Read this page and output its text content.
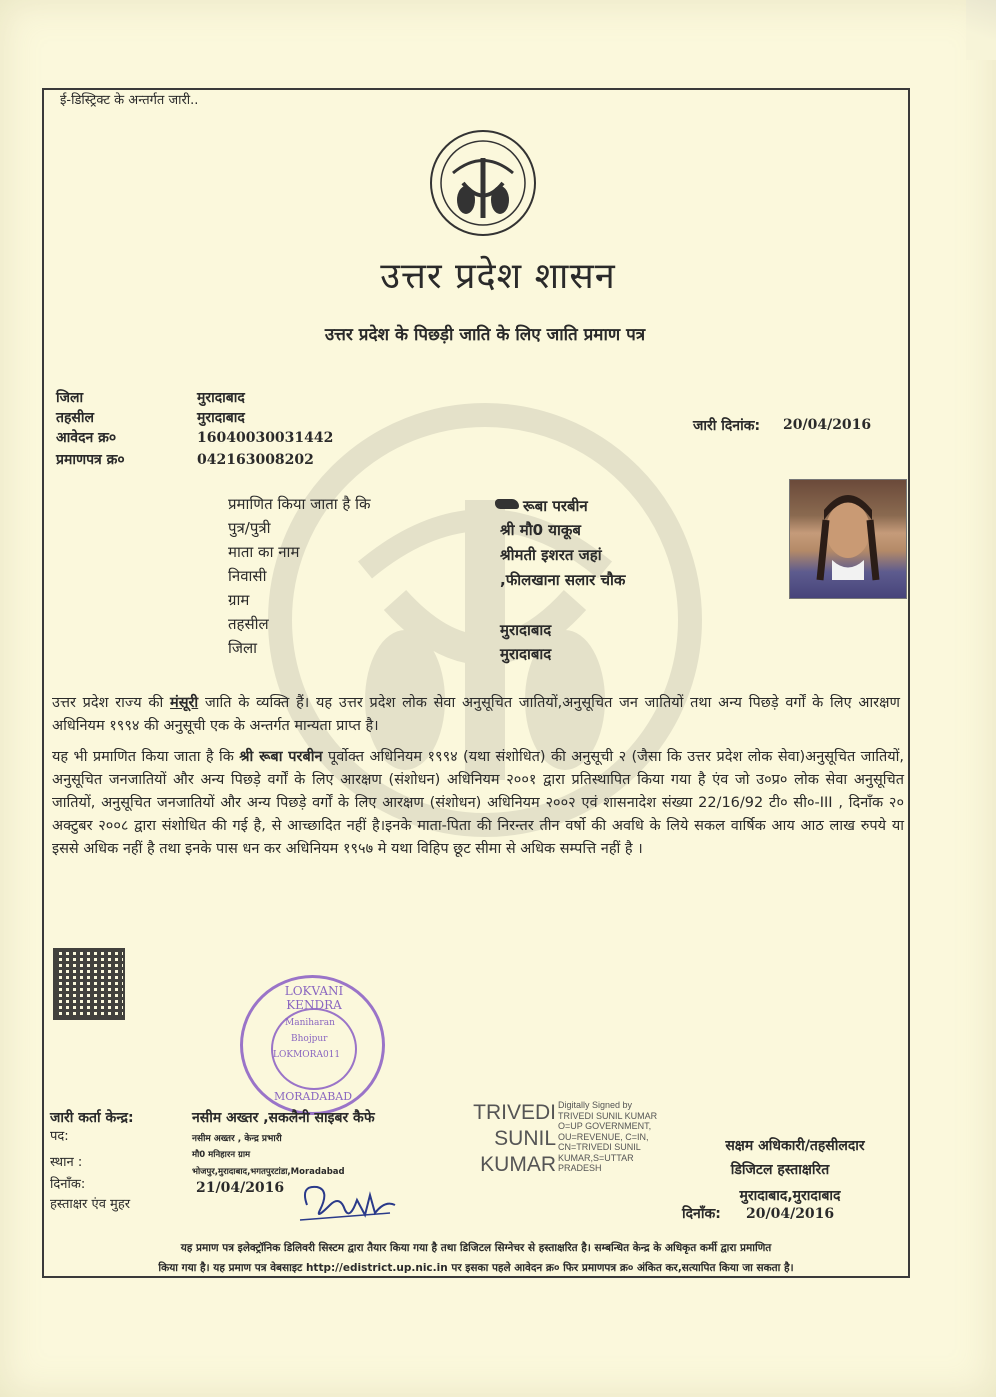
ई-डिस्ट्रिक्ट के अन्तर्गत जारी..
उत्तर प्रदेश शासन
उत्तर प्रदेश के पिछड़ी जाति के लिए जाति प्रमाण पत्र
जिला	मुरादाबाद
तहसील	मुरादाबाद
आवेदन क्र०	16040030031442
प्रमाणपत्र क्र०	042163008202
जारी दिनांक: 20/04/2016
प्रमाणित किया जाता है कि	रूबा परबीन
पुत्र/पुत्री	श्री मौ0 याकूब
माता का नाम	श्रीमती इशरत जहां
निवासी	,फीलखाना सलार चौक
ग्राम
तहसील	मुरादाबाद
जिला	मुरादाबाद
उत्तर प्रदेश राज्य की मंसूरी जाति के व्यक्ति हैं। यह उत्तर प्रदेश लोक सेवा अनुसूचित जातियों,अनुसूचित जन जातियों तथा अन्य पिछड़े वर्गों के लिए आरक्षण अधिनियम १९९४ की अनुसूची एक के अन्तर्गत मान्यता प्राप्त है।
यह भी प्रमाणित किया जाता है कि श्री रूबा परबीन पूर्वोक्त अधिनियम १९९४ (यथा संशोधित) की अनुसूची २ (जैसा कि उत्तर प्रदेश लोक सेवा)अनुसूचित जातियों, अनुसूचित जनजातियों और अन्य पिछड़े वर्गों के लिए आरक्षण (संशोधन) अधिनियम २००१ द्वारा प्रतिस्थापित किया गया है एंव जो उ०प्र० लोक सेवा अनुसूचित जातियों, अनुसूचित जनजातियों और अन्य पिछड़े वर्गों के लिए आरक्षण (संशोधन) अधिनियम २००२ एवं शासनादेश संख्या 22/16/92 टी० सी०-III , दिनाँक २० अक्टुबर २००८ द्वारा संशोधित की गई है, से आच्छादित नहीं है।इनके माता-पिता की निरन्तर तीन वर्षो की अवधि के लिये सकल वार्षिक आय आठ लाख रुपये या इससे अधिक नहीं है तथा इनके पास धन कर अधिनियम १९५७ मे यथा विहिप छूट सीमा से अधिक सम्पत्ति नहीं है ।
LOKVANI KENDRA
Maniharan
Bhojpur
LOKMORA011
MORADABAD
जारी कर्ता केन्द्र:	नसीम अख्तर ,सकलैनी साइबर कैफे
पद:	नसीम अख्तर , केन्द्र प्रभारी
स्थान :	मौ0 मनिहारन ग्राम
भोजपुर,मुरादाबाद,भगतपुरटांडा,Moradabad
दिनाँक:	21/04/2016
हस्ताक्षर एंव मुहर
TRIVEDI
SUNIL
KUMAR
Digitally Signed by
TRIVEDI SUNIL KUMAR
O=UP GOVERNMENT,
OU=REVENUE, C=IN,
CN=TRIVEDI SUNIL
KUMAR,S=UTTAR
PRADESH
सक्षम अधिकारी/तहसीलदार
डिजिटल हस्ताक्षरित
मुरादाबाद,मुरादाबाद
दिनाँक: 20/04/2016
यह प्रमाण पत्र इलेक्ट्रॉनिक डिलिवरी सिस्टम द्वारा तैयार किया गया है तथा डिजिटल सिग्नेचर से हस्ताक्षरित है। सम्बन्धित केन्द्र के अधिकृत कर्मी द्वारा प्रमाणित
किया गया है। यह प्रमाण पत्र वेबसाइट http://edistrict.up.nic.in पर इसका पहले आवेदन क्र० फिर प्रमाणपत्र क्र० अंकित कर,सत्यापित किया जा सकता है।
